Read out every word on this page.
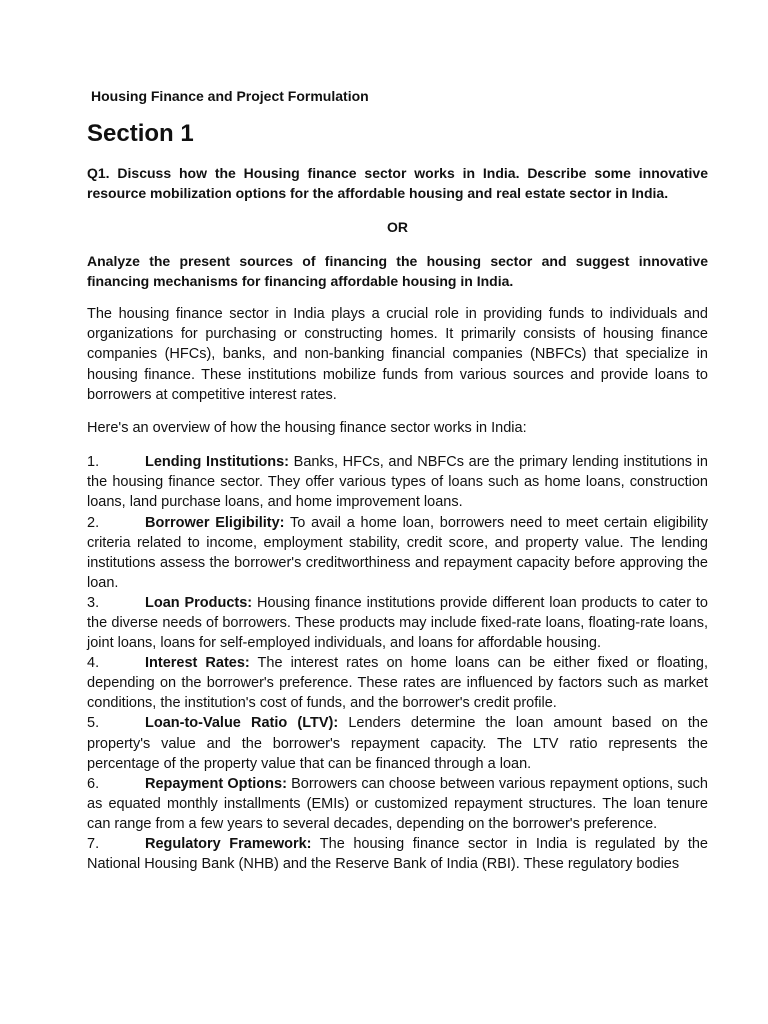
Housing Finance and Project Formulation

Section 1

Q1. Discuss how the Housing finance sector works in India. Describe some innovative resource mobilization options for the affordable housing and real estate sector in India.

OR

Analyze the present sources of financing the housing sector and suggest innovative financing mechanisms for financing affordable housing in India.

The housing finance sector in India plays a crucial role in providing funds to individuals and organizations for purchasing or constructing homes. It primarily consists of housing finance companies (HFCs), banks, and non-banking financial companies (NBFCs) that specialize in housing finance. These institutions mobilize funds from various sources and provide loans to borrowers at competitive interest rates.

Here's an overview of how the housing finance sector works in India:

1.	Lending Institutions: Banks, HFCs, and NBFCs are the primary lending institutions in the housing finance sector. They offer various types of loans such as home loans, construction loans, land purchase loans, and home improvement loans.

2.	Borrower Eligibility: To avail a home loan, borrowers need to meet certain eligibility criteria related to income, employment stability, credit score, and property value. The lending institutions assess the borrower's creditworthiness and repayment capacity before approving the loan.

3.	Loan Products: Housing finance institutions provide different loan products to cater to the diverse needs of borrowers. These products may include fixed-rate loans, floating-rate loans, joint loans, loans for self-employed individuals, and loans for affordable housing.

4.	Interest Rates: The interest rates on home loans can be either fixed or floating, depending on the borrower's preference. These rates are influenced by factors such as market conditions, the institution's cost of funds, and the borrower's credit profile.

5.	Loan-to-Value Ratio (LTV): Lenders determine the loan amount based on the property's value and the borrower's repayment capacity. The LTV ratio represents the percentage of the property value that can be financed through a loan.

6.	Repayment Options: Borrowers can choose between various repayment options, such as equated monthly installments (EMIs) or customized repayment structures. The loan tenure can range from a few years to several decades, depending on the borrower's preference.

7.	Regulatory Framework: The housing finance sector in India is regulated by the National Housing Bank (NHB) and the Reserve Bank of India (RBI). These regulatory bodies
